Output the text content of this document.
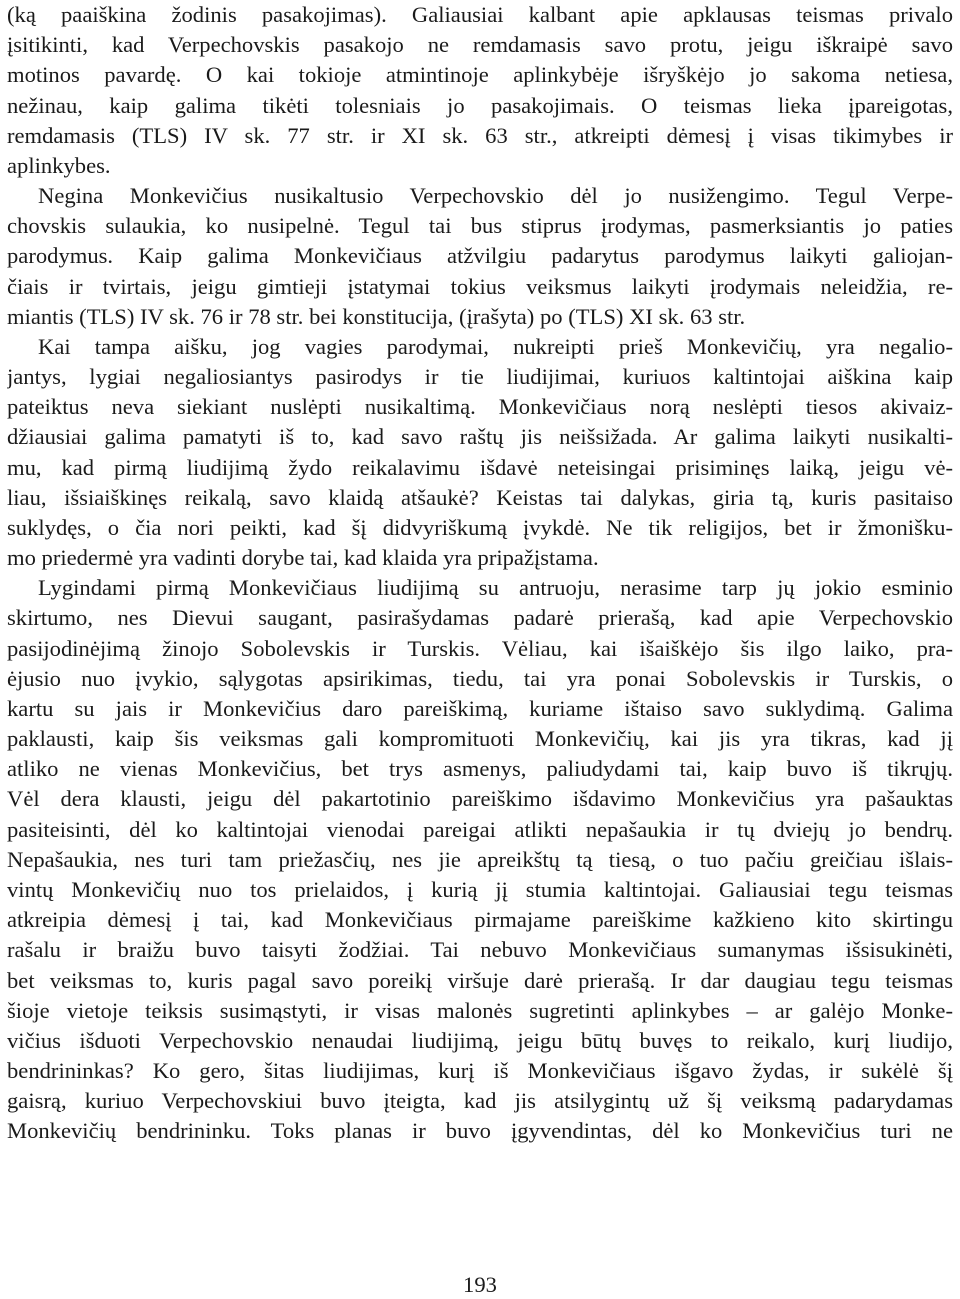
(ką paaiškina žodinis pasakojimas). Galiausiai kalbant apie apklausas teismas privalo
įsitikinti, kad Verpechovskis pasakojo ne remdamasis savo protu, jeigu iškraipė savo
motinos pavardę. O kai tokioje atmintinoje aplinkybėje išryškėjo jo sakoma netiesa,
nežinau, kaip galima tikėti tolesniais jo pasakojimais. O teismas lieka įpareigotas,
remdamasis (TLS) IV sk. 77 str. ir XI sk. 63 str., atkreipti dėmesį į visas tikimybes ir
aplinkybes.
Negina Monkevičius nusikaltusio Verpechovskio dėl jo nusižengimo. Tegul Verpe-
chovskis sulaukia, ko nusipelnė. Tegul tai bus stiprus įrodymas, pasmerksiantis jo paties
parodymus. Kaip galima Monkevičiaus atžvilgiu padarytus parodymus laikyti galiojan-
čiais ir tvirtais, jeigu gimtieji įstatymai tokius veiksmus laikyti įrodymais neleidžia, re-
miantis (TLS) IV sk. 76 ir 78 str. bei konstitucija, (įrašyta) po (TLS) XI sk. 63 str.
Kai tampa aišku, jog vagies parodymai, nukreipti prieš Monkevičių, yra negalio-
jantys, lygiai negaliosiantys pasirodys ir tie liudijimai, kuriuos kaltintojai aiškina kaip
pateiktus neva siekiant nuslėpti nusikaltimą. Monkevičiaus norą neslėpti tiesos akivaiz-
džiausiai galima pamatyti iš to, kad savo raštų jis neišsižada. Ar galima laikyti nusikalti-
mu, kad pirmą liudijimą žydo reikalavimu išdavė neteisingai prisiminęs laiką, jeigu vė-
liau, išsiaiškinęs reikalą, savo klaidą atšaukė? Keistas tai dalykas, giria tą, kuris pasitaiso
suklydęs, o čia nori peikti, kad šį didvyriškumą įvykdė. Ne tik religijos, bet ir žmonišku-
mo priedermė yra vadinti dorybe tai, kad klaida yra pripažįstama.
Lygindami pirmą Monkevičiaus liudijimą su antruoju, nerasime tarp jų jokio esminio
skirtumo, nes Dievui saugant, pasirašydamas padarė prierašą, kad apie Verpechovskio
pasijodinėjimą žinojo Sobolevskis ir Turskis. Vėliau, kai išaiškėjo šis ilgo laiko, pra-
ėjusio nuo įvykio, sąlygotas apsirikimas, tiedu, tai yra ponai Sobolevskis ir Turskis, o
kartu su jais ir Monkevičius daro pareiškimą, kuriame ištaiso savo suklydimą. Galima
paklausti, kaip šis veiksmas gali kompromituoti Monkevičių, kai jis yra tikras, kad jį
atliko ne vienas Monkevičius, bet trys asmenys, paliudydami tai, kaip buvo iš tikrųjų.
Vėl dera klausti, jeigu dėl pakartotinio pareiškimo išdavimo Monkevičius yra pašauktas
pasiteisinti, dėl ko kaltintojai vienodai pareigai atlikti nepašaukia ir tų dviejų jo bendrų.
Nepašaukia, nes turi tam priežasčių, nes jie apreikštų tą tiesą, o tuo pačiu greičiau išlais-
vintų Monkevičių nuo tos prielaidos, į kurią jį stumia kaltintojai. Galiausiai tegu teismas
atkreipia dėmesį į tai, kad Monkevičiaus pirmajame pareiškime kažkieno kito skirtingu
rašalu ir braižu buvo taisyti žodžiai. Tai nebuvo Monkevičiaus sumanymas išsisukinėti,
bet veiksmas to, kuris pagal savo poreikį viršuje darė prierašą. Ir dar daugiau tegu teismas
šioje vietoje teiksis susimąstyti, ir visas malonės sugretinti aplinkybes – ar galėjo Monke-
vičius išduoti Verpechovskio nenaudai liudijimą, jeigu būtų buvęs to reikalo, kurį liudijo,
bendrininkas? Ko gero, šitas liudijimas, kurį iš Monkevičiaus išgavo žydas, ir sukėlė šį
gaisrą, kuriuo Verpechovskiui buvo įteigta, kad jis atsilygintų už šį veiksmą padarydamas
Monkevičių bendrininku. Toks planas ir buvo įgyvendintas, dėl ko Monkevičius turi ne
193
